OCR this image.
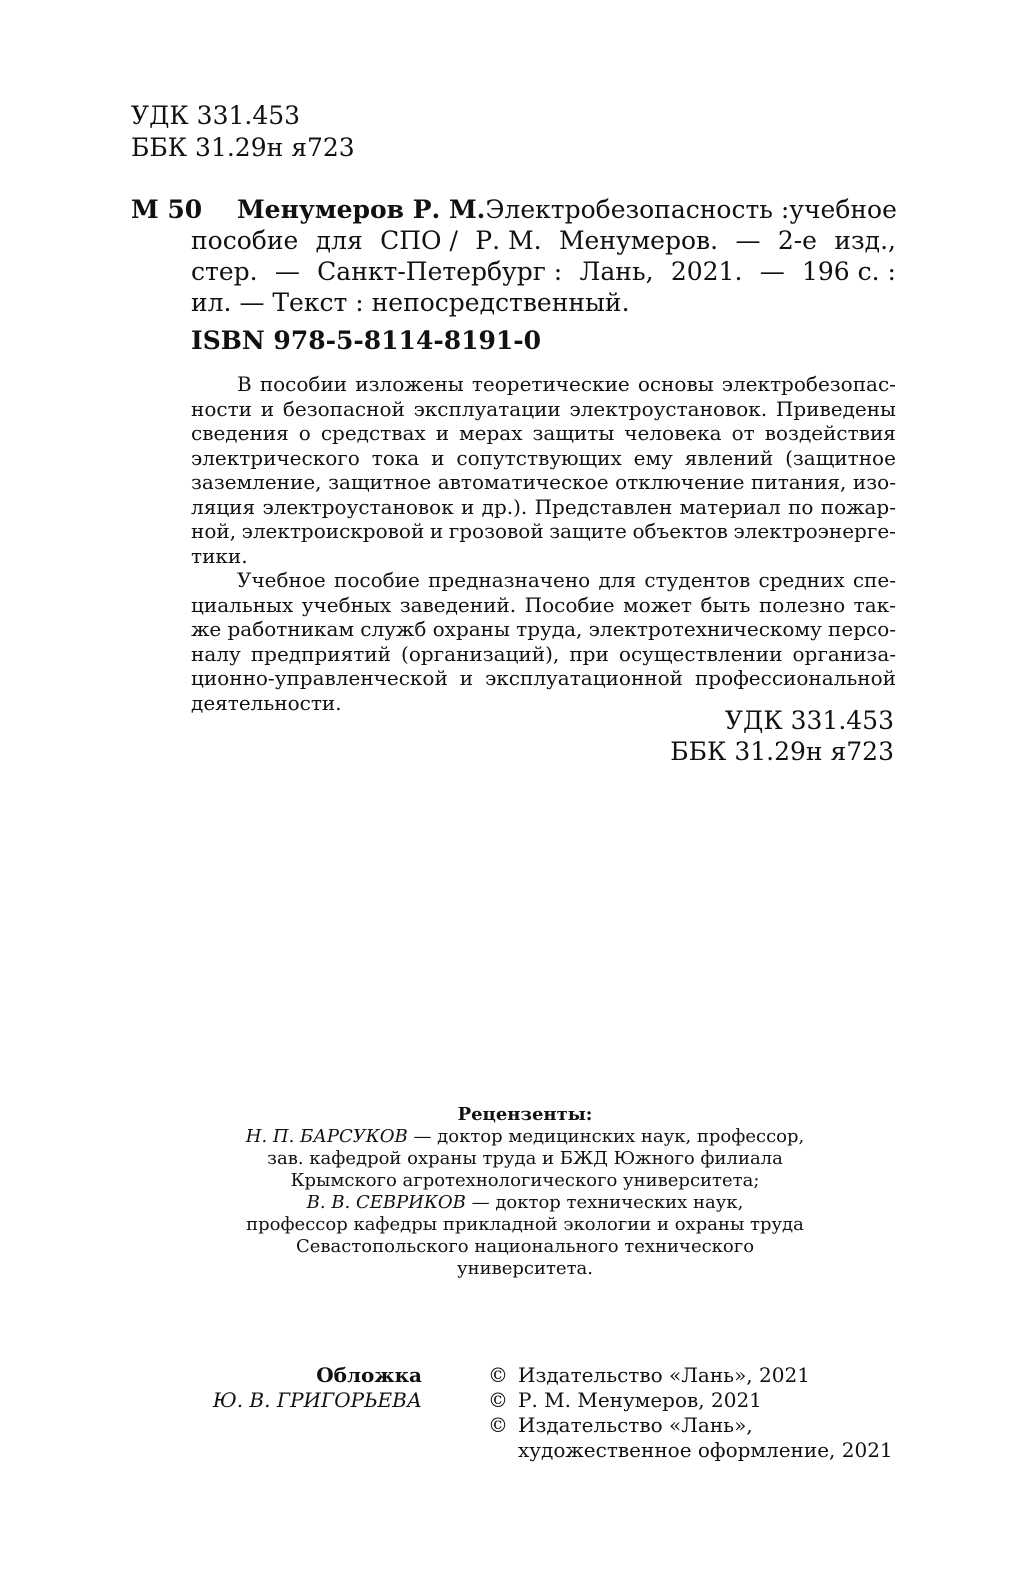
УДК 331.453
ББК 31.29н я723
М 50 Менумеров Р. М. Электробезопасность : учебное
пособие для СПО / Р. М. Менумеров. — 2-е изд.,
стер. — Санкт-Петербург : Лань, 2021. — 196 с. :
ил. — Текст : непосредственный.
ISBN 978-5-8114-8191-0
В пособии изложены теоретические основы электробезопас-
ности и безопасной эксплуатации электроустановок. Приведены
сведения о средствах и мерах защиты человека от воздействия
электрического тока и сопутствующих ему явлений (защитное
заземление, защитное автоматическое отключение питания, изо-
ляция электроустановок и др.). Представлен материал по пожар-
ной, электроискровой и грозовой защите объектов электроэнерге-
тики.
Учебное пособие предназначено для студентов средних спе-
циальных учебных заведений. Пособие может быть полезно так-
же работникам служб охраны труда, электротехническому персо-
налу предприятий (организаций), при осуществлении организа-
ционно-управленческой и эксплуатационной профессиональной
деятельности.
УДК 331.453
ББК 31.29н я723
Рецензенты:
Н. П. БАРСУКОВ — доктор медицинских наук, профессор,
зав. кафедрой охраны труда и БЖД Южного филиала
Крымского агротехнологического университета;
В. В. СЕВРИКОВ — доктор технических наук,
профессор кафедры прикладной экологии и охраны труда
Севастопольского национального технического университета.
Обложка
Ю. В. ГРИГОРЬЕВА
© Издательство «Лань», 2021
© Р. М. Менумеров, 2021
© Издательство «Лань»,
художественное оформление, 2021
